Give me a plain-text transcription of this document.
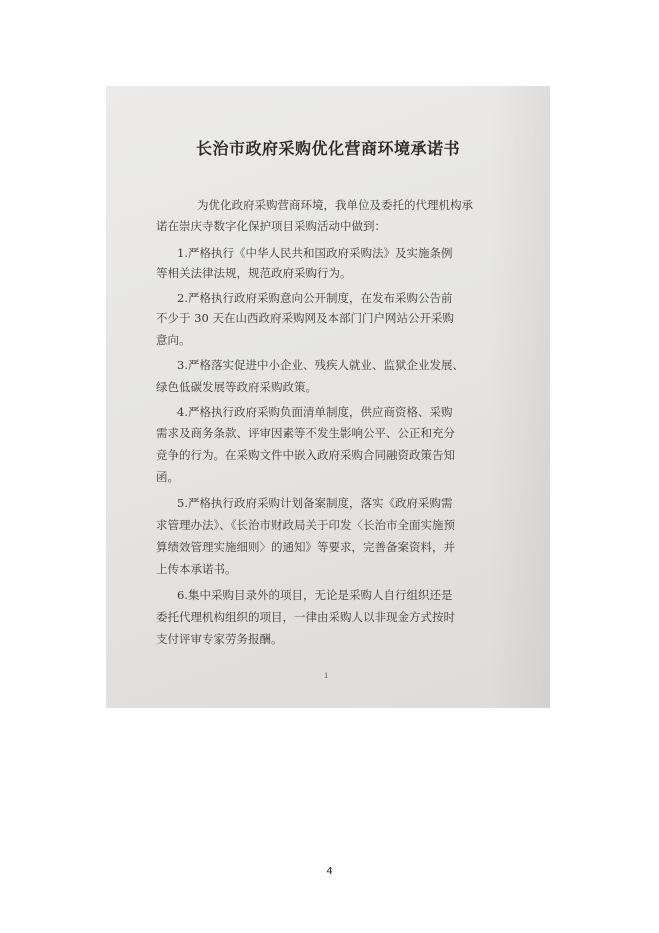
长治市政府采购优化营商环境承诺书
为优化政府采购营商环境，我单位及委托的代理机构承
诺在崇庆寺数字化保护项目采购活动中做到：
1.严格执行《中华人民共和国政府采购法》及实施条例
等相关法律法规，规范政府采购行为。
2.严格执行政府采购意向公开制度，在发布采购公告前
不少于 30 天在山西政府采购网及本部门门户网站公开采购
意向。
3.严格落实促进中小企业、残疾人就业、监狱企业发展、
绿色低碳发展等政府采购政策。
4.严格执行政府采购负面清单制度，供应商资格、采购
需求及商务条款、评审因素等不发生影响公平、公正和充分
竞争的行为。在采购文件中嵌入政府采购合同融资政策告知
函。
5.严格执行政府采购计划备案制度，落实《政府采购需
求管理办法》、《长治市财政局关于印发〈长治市全面实施预
算绩效管理实施细则〉的通知》等要求，完善备案资料，并
上传本承诺书。
6.集中采购目录外的项目，无论是采购人自行组织还是
委托代理机构组织的项目，一律由采购人以非现金方式按时
支付评审专家劳务报酬。
1
4
